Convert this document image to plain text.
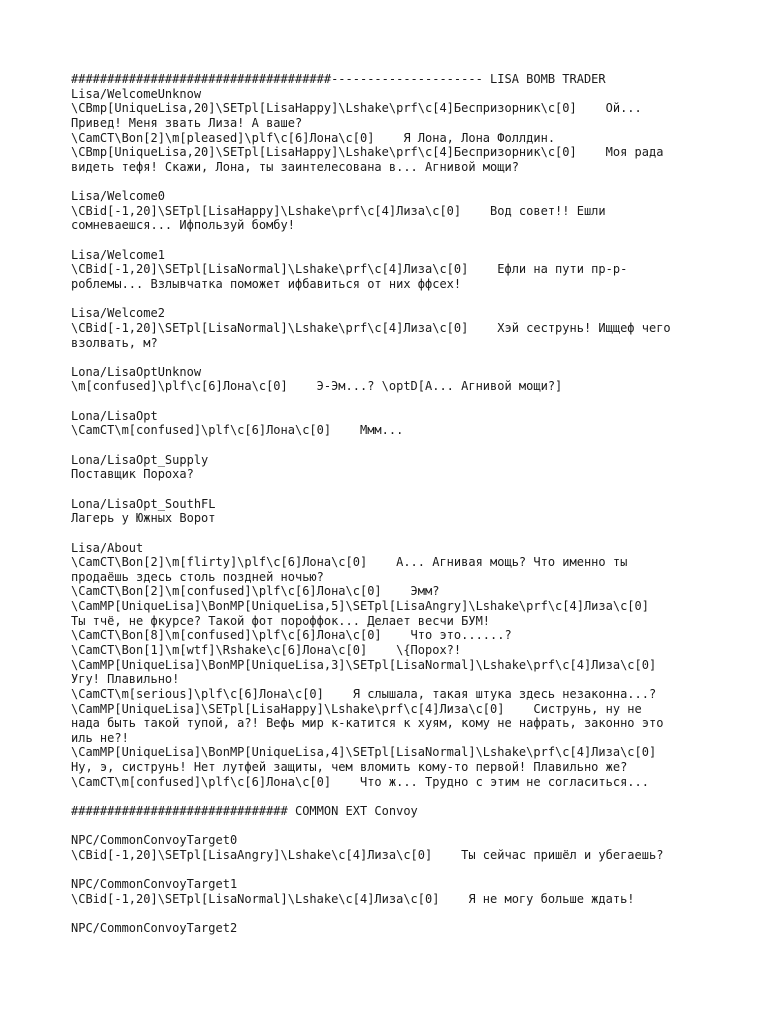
####################################--------------------- LISA BOMB TRADER
Lisa/WelcomeUnknow
\CBmp[UniqueLisa,20]\SETpl[LisaHappy]\Lshake\prf\c[4]Беспризорник\c[0]    Ой...
Привед! Меня звать Лиза! А ваше?
\CamCT\Bon[2]\m[pleased]\plf\c[6]Лона\c[0]    Я Лона, Лона Фоллдин.
\CBmp[UniqueLisa,20]\SETpl[LisaHappy]\Lshake\prf\c[4]Беспризорник\c[0]    Моя рада
видеть тефя! Скажи, Лона, ты заинтелесована в... Агнивой мощи?
Lisa/Welcome0
\CBid[-1,20]\SETpl[LisaHappy]\Lshake\prf\c[4]Лиза\c[0]    Вод совет!! Ешли
сомневаешся... Ифпользуй бомбу!
Lisa/Welcome1
\CBid[-1,20]\SETpl[LisaNormal]\Lshake\prf\c[4]Лиза\c[0]    Ефли на пути пр-р-
роблемы... Взлывчатка поможет ифбавиться от них ффсех!
Lisa/Welcome2
\CBid[-1,20]\SETpl[LisaNormal]\Lshake\prf\c[4]Лиза\c[0]    Хэй сеструнь! Ищщеф чего
взолвать, м?
Lona/LisaOptUnknow
\m[confused]\plf\c[6]Лона\c[0]    Э-Эм...? \optD[А... Агнивой мощи?]
Lona/LisaOpt
\CamCT\m[confused]\plf\c[6]Лона\c[0]    Ммм...
Lona/LisaOpt_Supply
Поставщик Пороха?
Lona/LisaOpt_SouthFL
Лагерь у Южных Ворот
Lisa/About
\CamCT\Bon[2]\m[flirty]\plf\c[6]Лона\c[0]    А... Агнивая мощь? Что именно ты
продаёшь здесь столь поздней ночью?
\CamCT\Bon[2]\m[confused]\plf\c[6]Лона\c[0]    Эмм?
\CamMP[UniqueLisa]\BonMP[UniqueLisa,5]\SETpl[LisaAngry]\Lshake\prf\c[4]Лиза\c[0]
Ты тчё, не фкурсе? Такой фот пороффок... Делает весчи БУМ!
\CamCT\Bon[8]\m[confused]\plf\c[6]Лона\c[0]    Что это......?
\CamCT\Bon[1]\m[wtf]\Rshake\c[6]Лона\c[0]    \{Порох?!
\CamMP[UniqueLisa]\BonMP[UniqueLisa,3]\SETpl[LisaNormal]\Lshake\prf\c[4]Лиза\c[0]
Угу! Плавильно!
\CamCT\m[serious]\plf\c[6]Лона\c[0]    Я слышала, такая штука здесь незаконна...?
\CamMP[UniqueLisa]\SETpl[LisaHappy]\Lshake\prf\c[4]Лиза\c[0]    Систрунь, ну не
нада быть такой тупой, а?! Вефь мир к-катится к хуям, кому не нафрать, законно это
иль не?!
\CamMP[UniqueLisa]\BonMP[UniqueLisa,4]\SETpl[LisaNormal]\Lshake\prf\c[4]Лиза\c[0]
Ну, э, систрунь! Нет лутфей защиты, чем вломить кому-то первой! Плавильно же?
\CamCT\m[confused]\plf\c[6]Лона\c[0]    Что ж... Трудно с этим не согласиться...
############################## COMMON EXT Convoy
NPC/CommonConvoyTarget0
\CBid[-1,20]\SETpl[LisaAngry]\Lshake\c[4]Лиза\c[0]    Ты сейчас пришёл и убегаешь?
NPC/CommonConvoyTarget1
\CBid[-1,20]\SETpl[LisaNormal]\Lshake\c[4]Лиза\c[0]    Я не могу больше ждать!
NPC/CommonConvoyTarget2
